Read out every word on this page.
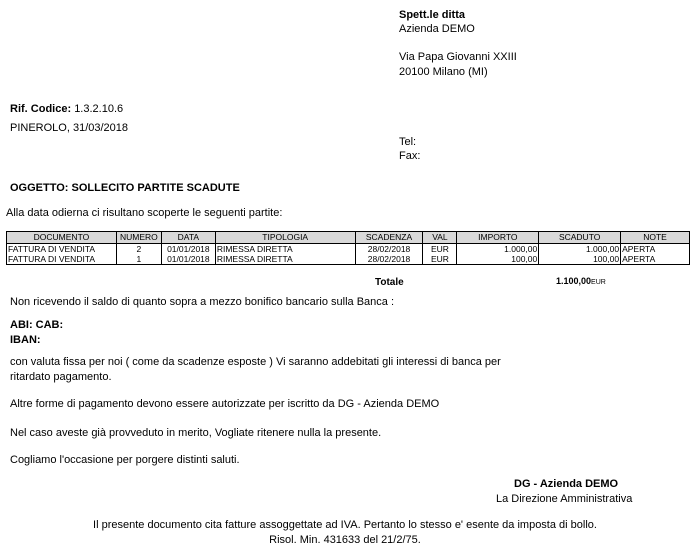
Spett.le ditta
Azienda DEMO
Via Papa Giovanni XXIII
20100 Milano (MI)
Tel:
Fax:
Rif. Codice: 1.3.2.10.6
PINEROLO, 31/03/2018
OGGETTO: SOLLECITO PARTITE SCADUTE
Alla data odierna ci risultano scoperte le seguenti partite:
DOCUMENTO	NUMERO	DATA	TIPOLOGIA	SCADENZA	VAL	IMPORTO	SCADUTO	NOTE
FATTURA DI VENDITA	2	01/01/2018	RIMESSA DIRETTA	28/02/2018	EUR	1.000,00	1.000,00	APERTA
FATTURA DI VENDITA	1	01/01/2018	RIMESSA DIRETTA	28/02/2018	EUR	100,00	100,00	APERTA
Totale	1.100,00EUR
Non ricevendo il saldo di quanto sopra a mezzo bonifico bancario sulla Banca :
ABI: CAB:
IBAN:
con valuta fissa per noi ( come da scadenze esposte ) Vi saranno addebitati gli interessi di banca per
ritardato pagamento.
Altre forme di pagamento devono essere autorizzate per iscritto da DG - Azienda DEMO
Nel caso aveste già provveduto in merito, Vogliate ritenere nulla la presente.
Cogliamo l'occasione per porgere distinti saluti.
DG - Azienda DEMO
La Direzione Amministrativa
Il presente documento cita fatture assoggettate ad IVA. Pertanto lo stesso e' esente da imposta di bollo.
Risol. Min. 431633 del 21/2/75.
